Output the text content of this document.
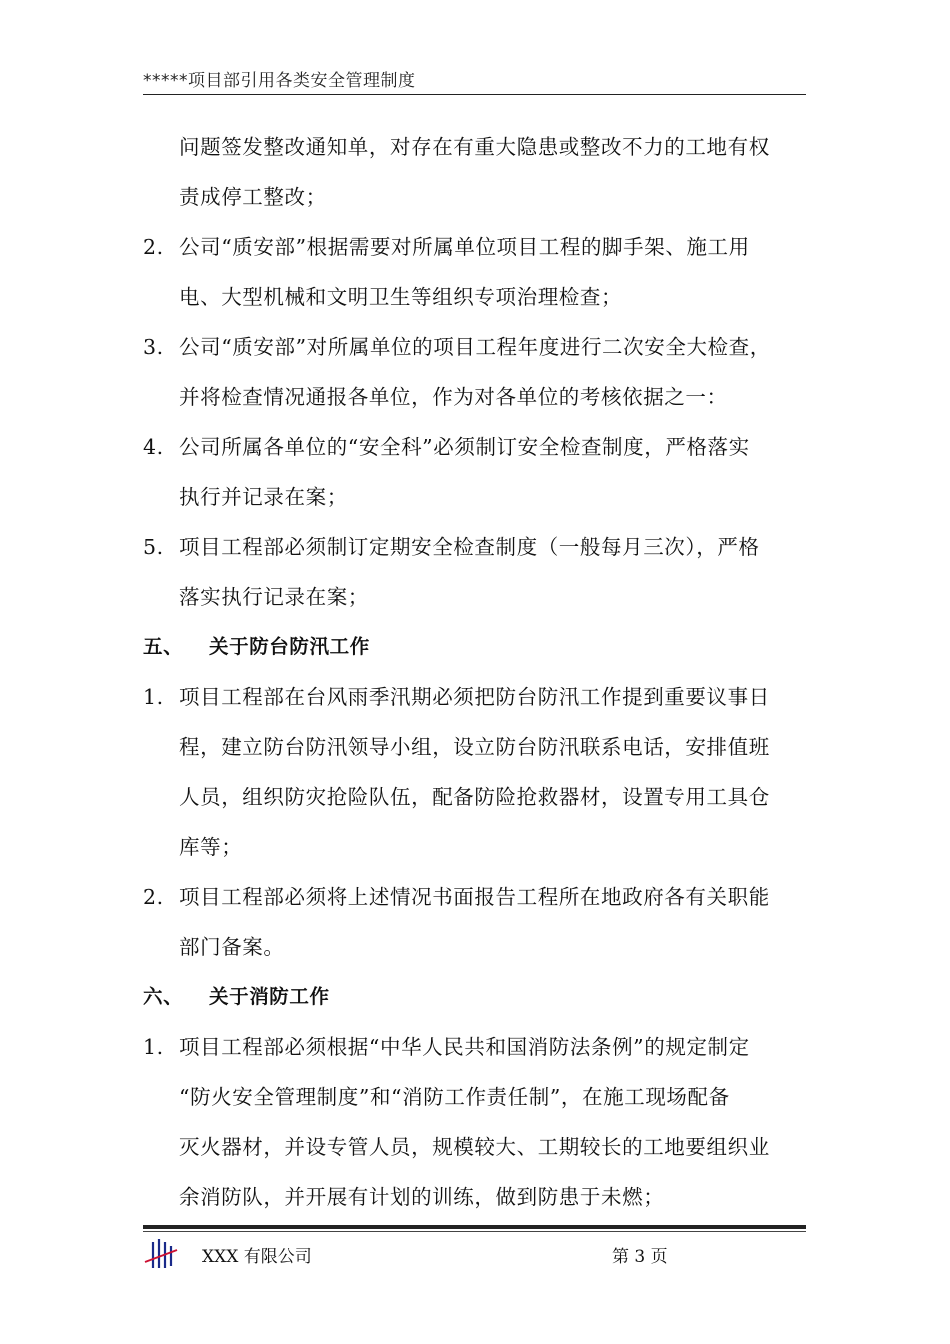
*****项目部引用各类安全管理制度
问题签发整改通知单，对存在有重大隐患或整改不力的工地有权
责成停工整改；
2. 公司“质安部”根据需要对所属单位项目工程的脚手架、施工用
电、大型机械和文明卫生等组织专项治理检查；
3. 公司“质安部”对所属单位的项目工程年度进行二次安全大检查，
并将检查情况通报各单位，作为对各单位的考核依据之一：
4. 公司所属各单位的“安全科”必须制订安全检查制度，严格落实
执行并记录在案；
5. 项目工程部必须制订定期安全检查制度（一般每月三次），严格
落实执行记录在案；
五、 关于防台防汛工作
1. 项目工程部在台风雨季汛期必须把防台防汛工作提到重要议事日
程，建立防台防汛领导小组，设立防台防汛联系电话，安排值班
人员，组织防灾抢险队伍，配备防险抢救器材，设置专用工具仓
库等；
2. 项目工程部必须将上述情况书面报告工程所在地政府各有关职能
部门备案。
六、 关于消防工作
1. 项目工程部必须根据“中华人民共和国消防法条例”的规定制定
“防火安全管理制度”和“消防工作责任制”，在施工现场配备
灭火器材，并设专管人员，规模较大、工期较长的工地要组织业
余消防队，并开展有计划的训练，做到防患于未燃；
XXX 有限公司	第 3 页
